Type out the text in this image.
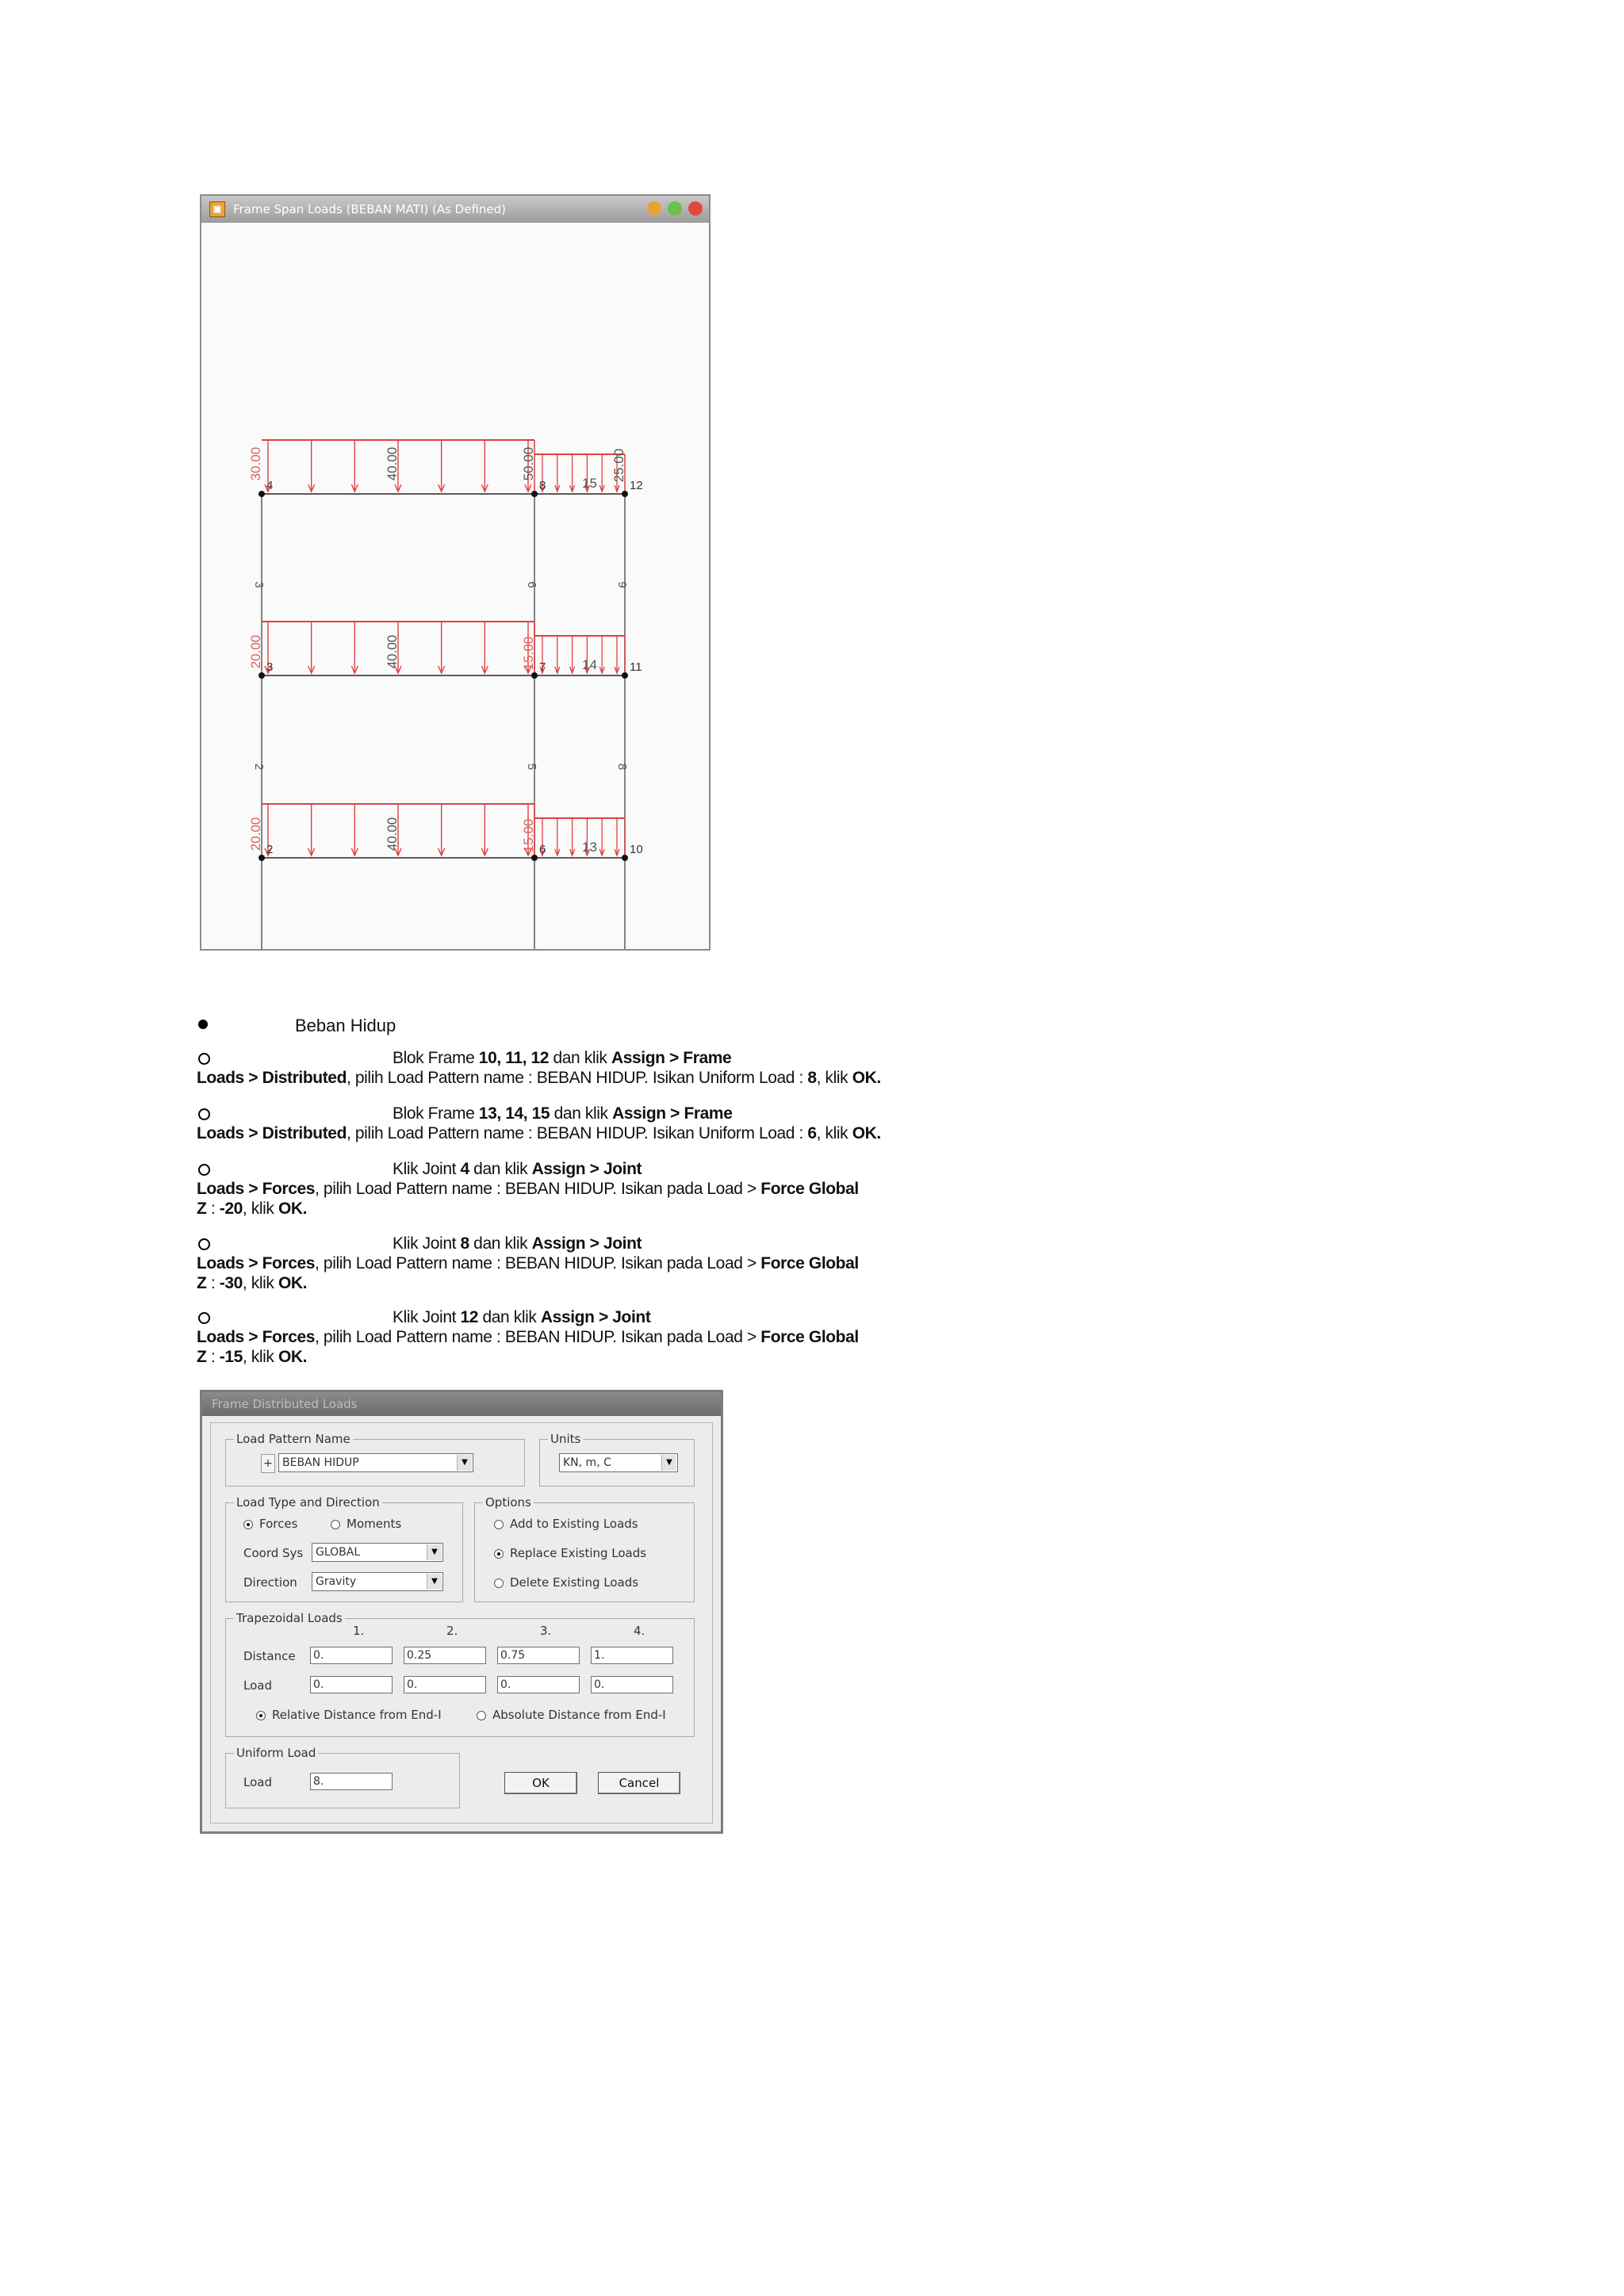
▣ Frame Span Loads (BEBAN MATI) (As Defined)
30.00	40.00	50.00	25.00
15
20.00	40.00	15.00	14
20.00	40.00	15.00	13
4	8	12
3	7	11
2	6	10
3	6	9
2	5	8
Beban Hidup
Blok Frame 10, 11, 12 dan klik Assign > Frame
Loads > Distributed, pilih Load Pattern name : BEBAN HIDUP. Isikan Uniform Load : 8, klik OK.
Blok Frame 13, 14, 15 dan klik Assign > Frame
Loads > Distributed, pilih Load Pattern name : BEBAN HIDUP. Isikan Uniform Load : 6, klik OK.
Klik Joint 4 dan klik Assign > Joint
Loads > Forces, pilih Load Pattern name : BEBAN HIDUP. Isikan pada Load > Force Global
Z : -20, klik OK.
Klik Joint 8 dan klik Assign > Joint
Loads > Forces, pilih Load Pattern name : BEBAN HIDUP. Isikan pada Load > Force Global
Z : -30, klik OK.
Klik Joint 12 dan klik Assign > Joint
Loads > Forces, pilih Load Pattern name : BEBAN HIDUP. Isikan pada Load > Force Global
Z : -15, klik OK.
Frame Distributed Loads
Load Pattern Name
+ BEBAN HIDUP	▼
Units
KN, m, C	▼
Load Type and Direction
Forces	Moments
Coord Sys	GLOBAL	▼
Direction	Gravity	▼
Options
Add to Existing Loads
Replace Existing Loads
Delete Existing Loads
Trapezoidal Loads
1.	2.	3.	4.
Distance 0.	0.25	0.75	1.
Load	0.	0.	0.	0.
Relative Distance from End-I	Absolute Distance from End-I
Uniform Load
Load	8.	OK	Cancel
